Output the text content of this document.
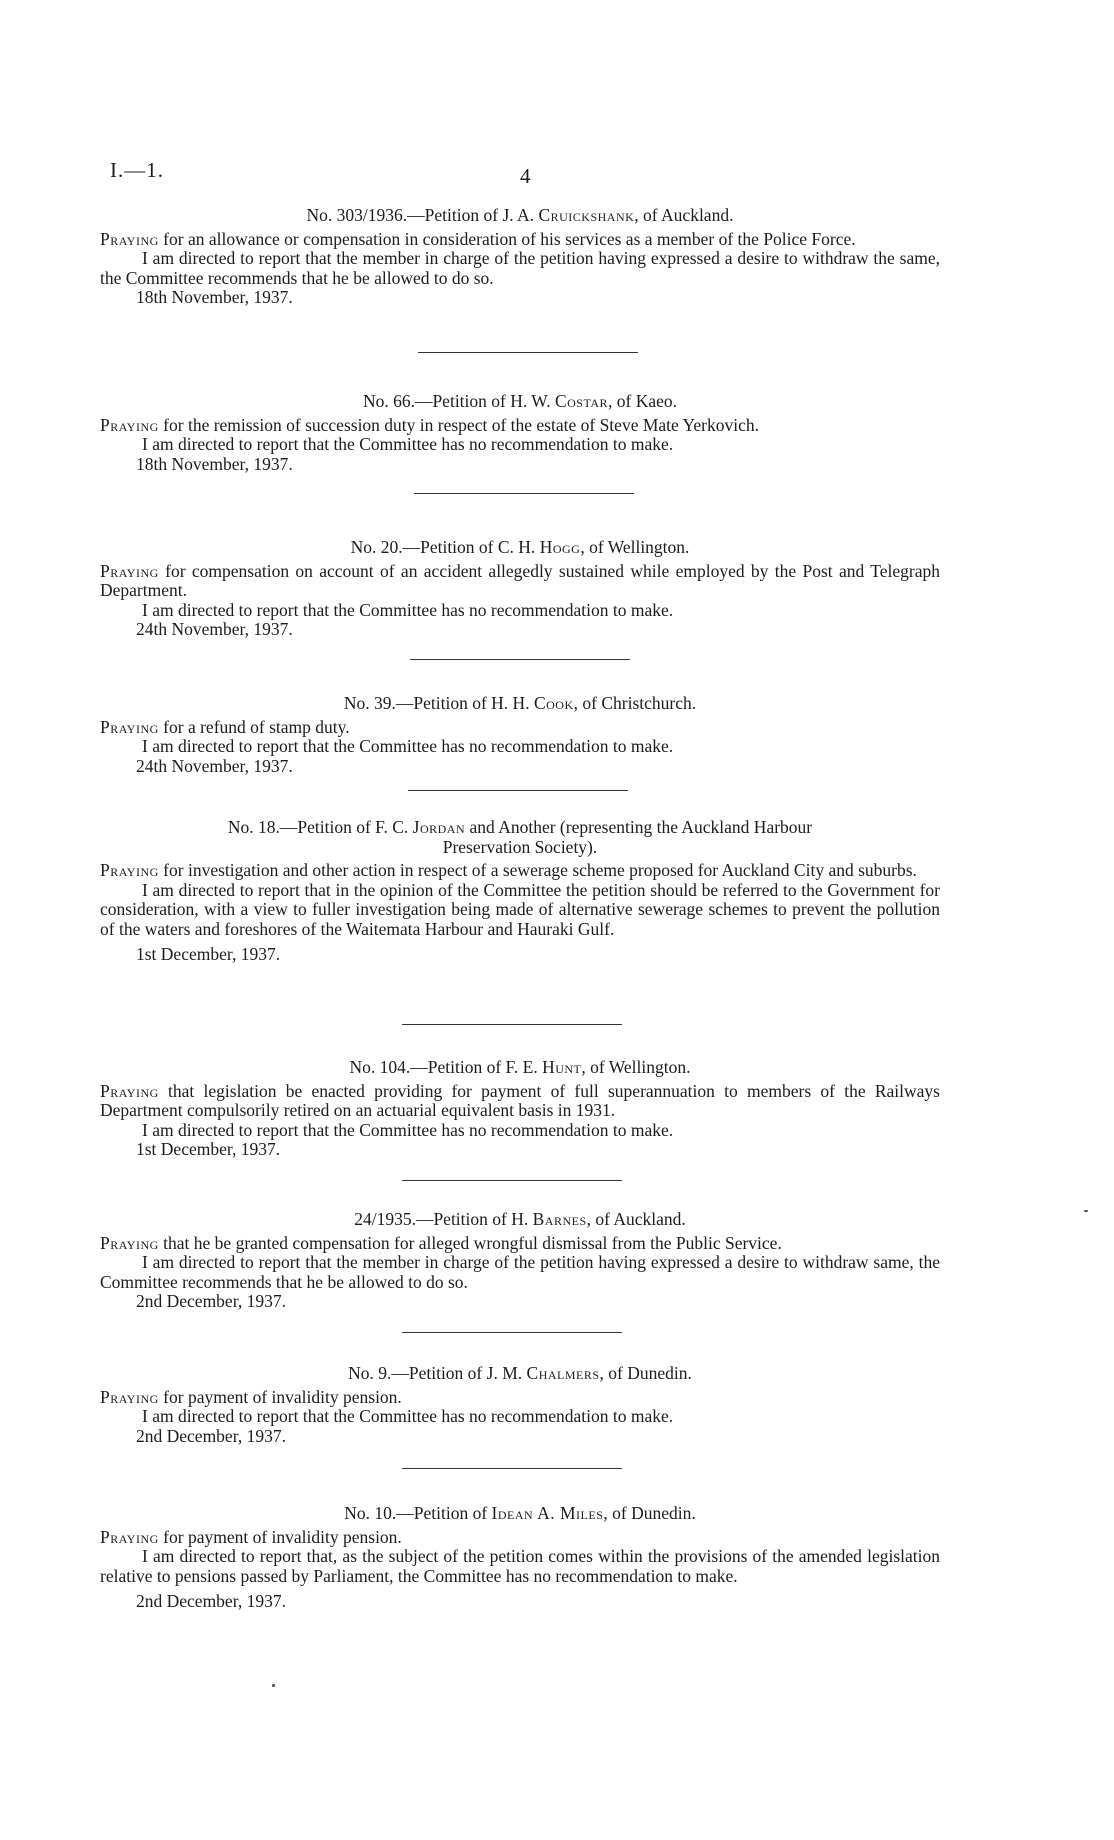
I.—1.	4
No. 303/1936.—Petition of J. A. Cruickshank, of Auckland.

Praying for an allowance or compensation in consideration of his services as a member of the Police Force.

I am directed to report that the member in charge of the petition having expressed a desire to withdraw the same, the Committee recommends that he be allowed to do so.

18th November, 1937.

No. 66.—Petition of H. W. Costar, of Kaeo.

Praying for the remission of succession duty in respect of the estate of Steve Mate Yerkovich.

I am directed to report that the Committee has no recommendation to make.

18th November, 1937.

No. 20.—Petition of C. H. Hogg, of Wellington.

Praying for compensation on account of an accident allegedly sustained while employed by the Post and Telegraph Department.

I am directed to report that the Committee has no recommendation to make.

24th November, 1937.

No. 39.—Petition of H. H. Cook, of Christchurch.

Praying for a refund of stamp duty.

I am directed to report that the Committee has no recommendation to make.

24th November, 1937.

No. 18.—Petition of F. C. Jordan and Another (representing the Auckland Harbour Preservation Society).

Praying for investigation and other action in respect of a sewerage scheme proposed for Auckland City and suburbs.

I am directed to report that in the opinion of the Committee the petition should be referred to the Government for consideration, with a view to fuller investigation being made of alternative sewerage schemes to prevent the pollution of the waters and foreshores of the Waitemata Harbour and Hauraki Gulf.

1st December, 1937.

No. 104.—Petition of F. E. Hunt, of Wellington.

Praying that legislation be enacted providing for payment of full superannuation to members of the Railways Department compulsorily retired on an actuarial equivalent basis in 1931.

I am directed to report that the Committee has no recommendation to make.

1st December, 1937.

24/1935.—Petition of H. Barnes, of Auckland.

Praying that he be granted compensation for alleged wrongful dismissal from the Public Service.

I am directed to report that the member in charge of the petition having expressed a desire to withdraw same, the Committee recommends that he be allowed to do so.

2nd December, 1937.

No. 9.—Petition of J. M. Chalmers, of Dunedin.

Praying for payment of invalidity pension.

I am directed to report that the Committee has no recommendation to make.

2nd December, 1937.

No. 10.—Petition of Idean A. Miles, of Dunedin.

Praying for payment of invalidity pension.

I am directed to report that, as the subject of the petition comes within the provisions of the amended legislation relative to pensions passed by Parliament, the Committee has no recommendation to make.

2nd December, 1937.
